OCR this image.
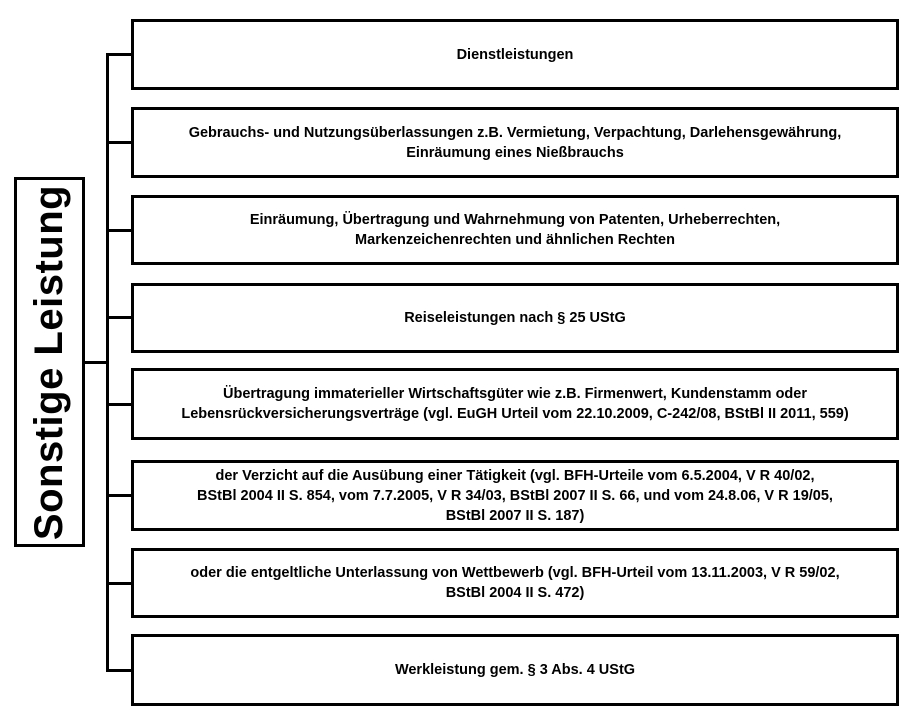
Sonstige Leistung
Dienstleistungen
Gebrauchs- und Nutzungsüberlassungen z.B. Vermietung, Verpachtung, Darlehensgewährung,
Einräumung eines Nießbrauchs
Einräumung, Übertragung und Wahrnehmung von Patenten, Urheberrechten,
Markenzeichenrechten und ähnlichen Rechten
Reiseleistungen nach § 25 UStG
Übertragung immaterieller Wirtschaftsgüter wie z.B. Firmenwert, Kundenstamm oder
Lebensrückversicherungsverträge (vgl. EuGH Urteil vom 22.10.2009, C-242/08, BStBl II 2011, 559)
der Verzicht auf die Ausübung einer Tätigkeit (vgl. BFH-Urteile vom 6.5.2004, V R 40/02,
BStBl 2004 II S. 854, vom 7.7.2005, V R 34/03, BStBl 2007 II S. 66, und vom 24.8.06, V R 19/05,
BStBl 2007 II S. 187)
oder die entgeltliche Unterlassung von Wettbewerb (vgl. BFH-Urteil vom 13.11.2003, V R 59/02,
BStBl 2004 II S. 472)
Werkleistung gem. § 3 Abs. 4 UStG
